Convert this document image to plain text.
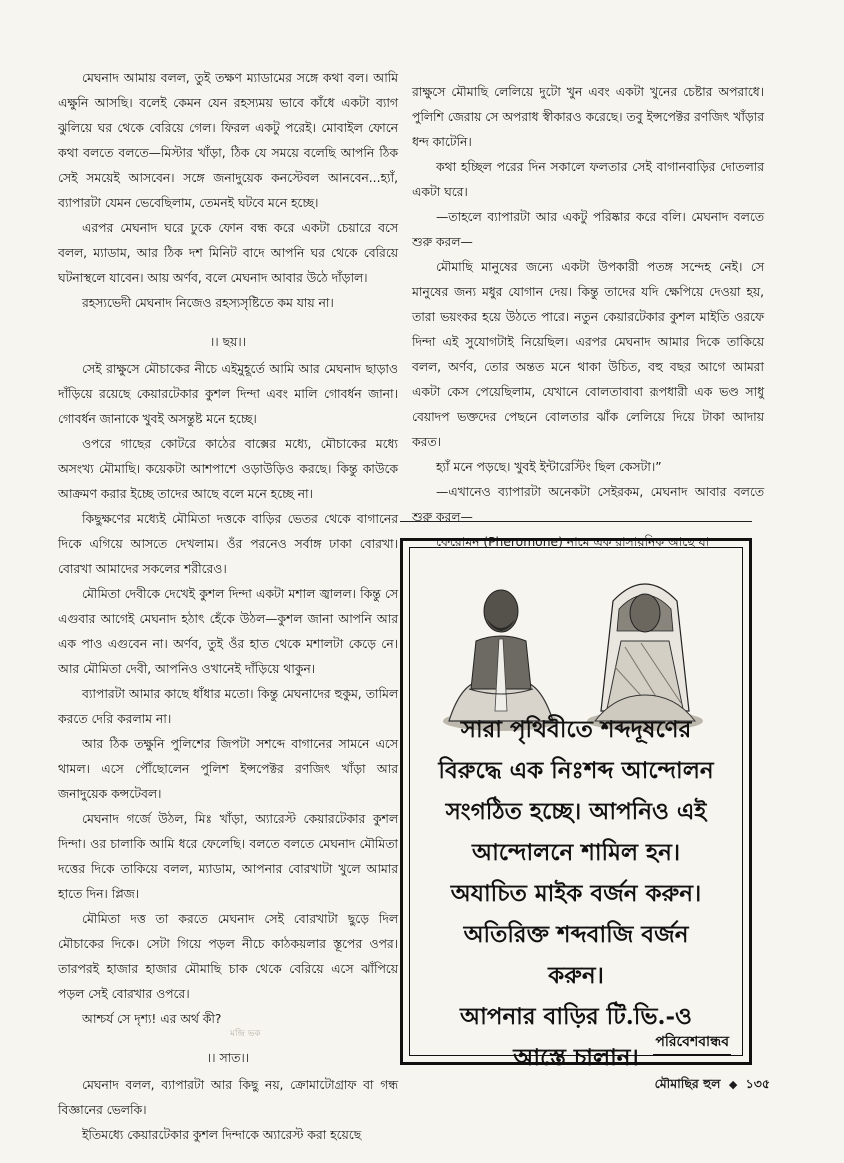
মেঘনাদ আমায় বলল, তুই তক্ষণ ম্যাডামের সঙ্গে কথা বল। আমি এক্ষুনি আসছি। বলেই কেমন যেন রহস্যময় ভাবে কাঁধে একটা ব্যাগ ঝুলিয়ে ঘর থেকে বেরিয়ে গেল। ফিরল একটু পরেই। মোবাইল ফোনে কথা বলতে বলতে—মিস্টার খাঁড়া, ঠিক যে সময়ে বলেছি আপনি ঠিক সেই সময়েই আসবেন। সঙ্গে জনাদুয়েক কনস্টেবল আনবেন...হ্যাঁ, ব্যাপারটা যেমন ভেবেছিলাম, তেমনই ঘটবে মনে হচ্ছে।

এরপর মেঘনাদ ঘরে ঢুকে ফোন বন্ধ করে একটা চেয়ারে বসে বলল, ম্যাডাম, আর ঠিক দশ মিনিট বাদে আপনি ঘর থেকে বেরিয়ে ঘটনাস্থলে যাবেন। আয় অর্ণব, বলে মেঘনাদ আবার উঠে দাঁড়াল।

রহস্যভেদী মেঘনাদ নিজেও রহস্যসৃষ্টিতে কম যায় না।

।। ছয়।।

সেই রাক্ষুসে মৌচাকের নীচে এইমুহূর্তে আমি আর মেঘনাদ ছাড়াও দাঁড়িয়ে রয়েছে কেয়ারটেকার কুশল দিন্দা এবং মালি গোবর্ধন জানা। গোবর্ধন জানাকে খুবই অসন্তুষ্ট মনে হচ্ছে।

ওপরে গাছের কোটরে কাঠের বাক্সের মধ্যে, মৌচাকের মধ্যে অসংখ্য মৌমাছি। কয়েকটা আশপাশে ওড়াউড়িও করছে। কিন্তু কাউকে আক্রমণ করার ইচ্ছে তাদের আছে বলে মনে হচ্ছে না।

কিছুক্ষণের মধ্যেই মৌমিতা দত্তকে বাড়ির ভেতর থেকে বাগানের দিকে এগিয়ে আসতে দেখলাম। ওঁর পরনেও সর্বাঙ্গ ঢাকা বোরখা। বোরখা আমাদের সকলের শরীরেও।

মৌমিতা দেবীকে দেখেই কুশল দিন্দা একটা মশাল জ্বালল। কিন্তু সে এগুবার আগেই মেঘনাদ হঠাৎ হেঁকে উঠল—কুশল জানা আপনি আর এক পাও এগুবেন না। অর্ণব, তুই ওঁর হাত থেকে মশালটা কেড়ে নে। আর মৌমিতা দেবী, আপনিও ওখানেই দাঁড়িয়ে থাকুন।

ব্যাপারটা আমার কাছে ধাঁধার মতো। কিন্তু মেঘনাদের হুকুম, তামিল করতে দেরি করলাম না।

আর ঠিক তক্ষুনি পুলিশের জিপটা সশব্দে বাগানের সামনে এসে থামল। এসে পৌঁছোলেন পুলিশ ইন্সপেক্টর রণজিৎ খাঁড়া আর জনাদুয়েক কন্সটেবল।

মেঘনাদ গর্জে উঠল, মিঃ খাঁড়া, অ্যারেস্ট কেয়ারটেকার কুশল দিন্দা। ওর চালাকি আমি ধরে ফেলেছি। বলতে বলতে মেঘনাদ মৌমিতা দত্তের দিকে তাকিয়ে বলল, ম্যাডাম, আপনার বোরখাটা খুলে আমার হাতে দিন। প্লিজ।

মৌমিতা দত্ত তা করতে মেঘনাদ সেই বোরখাটা ছুড়ে দিল মৌচাকের দিকে। সেটা গিয়ে পড়ল নীচে কাঠকয়লার স্তূপের ওপর। তারপরই হাজার হাজার মৌমাছি চাক থেকে বেরিয়ে এসে ঝাঁপিয়ে পড়ল সেই বোরখার ওপরে।

আশ্চর্য সে দৃশ্য! এর অর্থ কী?

।। সাত।।

মেঘনাদ বলল, ব্যাপারটা আর কিছু নয়, ক্রোমাটোগ্রাফ বা গন্ধ বিজ্ঞানের ভেলকি।

ইতিমধ্যে কেয়ারটেকার কুশল দিন্দাকে অ্যারেস্ট করা হয়েছে

রাক্ষুসে মৌমাছি লেলিয়ে দুটো খুন এবং একটা খুনের চেষ্টার অপরাধে। পুলিশি জেরায় সে অপরাধ স্বীকারও করেছে। তবু ইন্সপেক্টর রণজিৎ খাঁড়ার ধন্দ কাটেনি।

কথা হচ্ছিল পরের দিন সকালে ফলতার সেই বাগানবাড়ির দোতলার একটা ঘরে।

—তাহলে ব্যাপারটা আর একটু পরিষ্কার করে বলি। মেঘনাদ বলতে শুরু করল—

মৌমাছি মানুষের জন্যে একটা উপকারী পতঙ্গ সন্দেহ নেই। সে মানুষের জন্য মধুর যোগান দেয়। কিন্তু তাদের যদি ক্ষেপিয়ে দেওয়া হয়, তারা ভয়ংকর হয়ে উঠতে পারে। নতুন কেয়ারটেকার কুশল মাইতি ওরফে দিন্দা এই সুযোগটাই নিয়েছিল। এরপর মেঘনাদ আমার দিকে তাকিয়ে বলল, অর্ণব, তোর অন্তত মনে থাকা উচিত, বহু বছর আগে আমরা একটা কেস পেয়েছিলাম, যেখানে বোলতাবাবা রূপধারী এক ভণ্ড সাধু বেয়াদপ ভক্তদের পেছনে বোলতার ঝাঁক লেলিয়ে দিয়ে টাকা আদায় করত।

হ্যাঁ মনে পড়ছে। খুবই ইন্টারেস্টিং ছিল কেসটা।”

—এখানেও ব্যাপারটা অনেকটা সেইরকম, মেঘনাদ আবার বলতে শুরু করল—

ফেরোমন (Pheromone) নামে এক রাসায়নিক আছে যা

সারা পৃথিবীতে শব্দদূষণের
বিরুদ্ধে এক নিঃশব্দ আন্দোলন
সংগঠিত হচ্ছে। আপনিও এই
আন্দোলনে শামিল হন।
অযাচিত মাইক বর্জন করুন।
অতিরিক্ত শব্দবাজি বর্জন
করুন।
আপনার বাড়ির টি.ভি.-ও
আস্তে চালান।
পরিবেশবান্ধব
মন্দ্রি ভক
মৌমাছির হুল ◆ ১৩৫
